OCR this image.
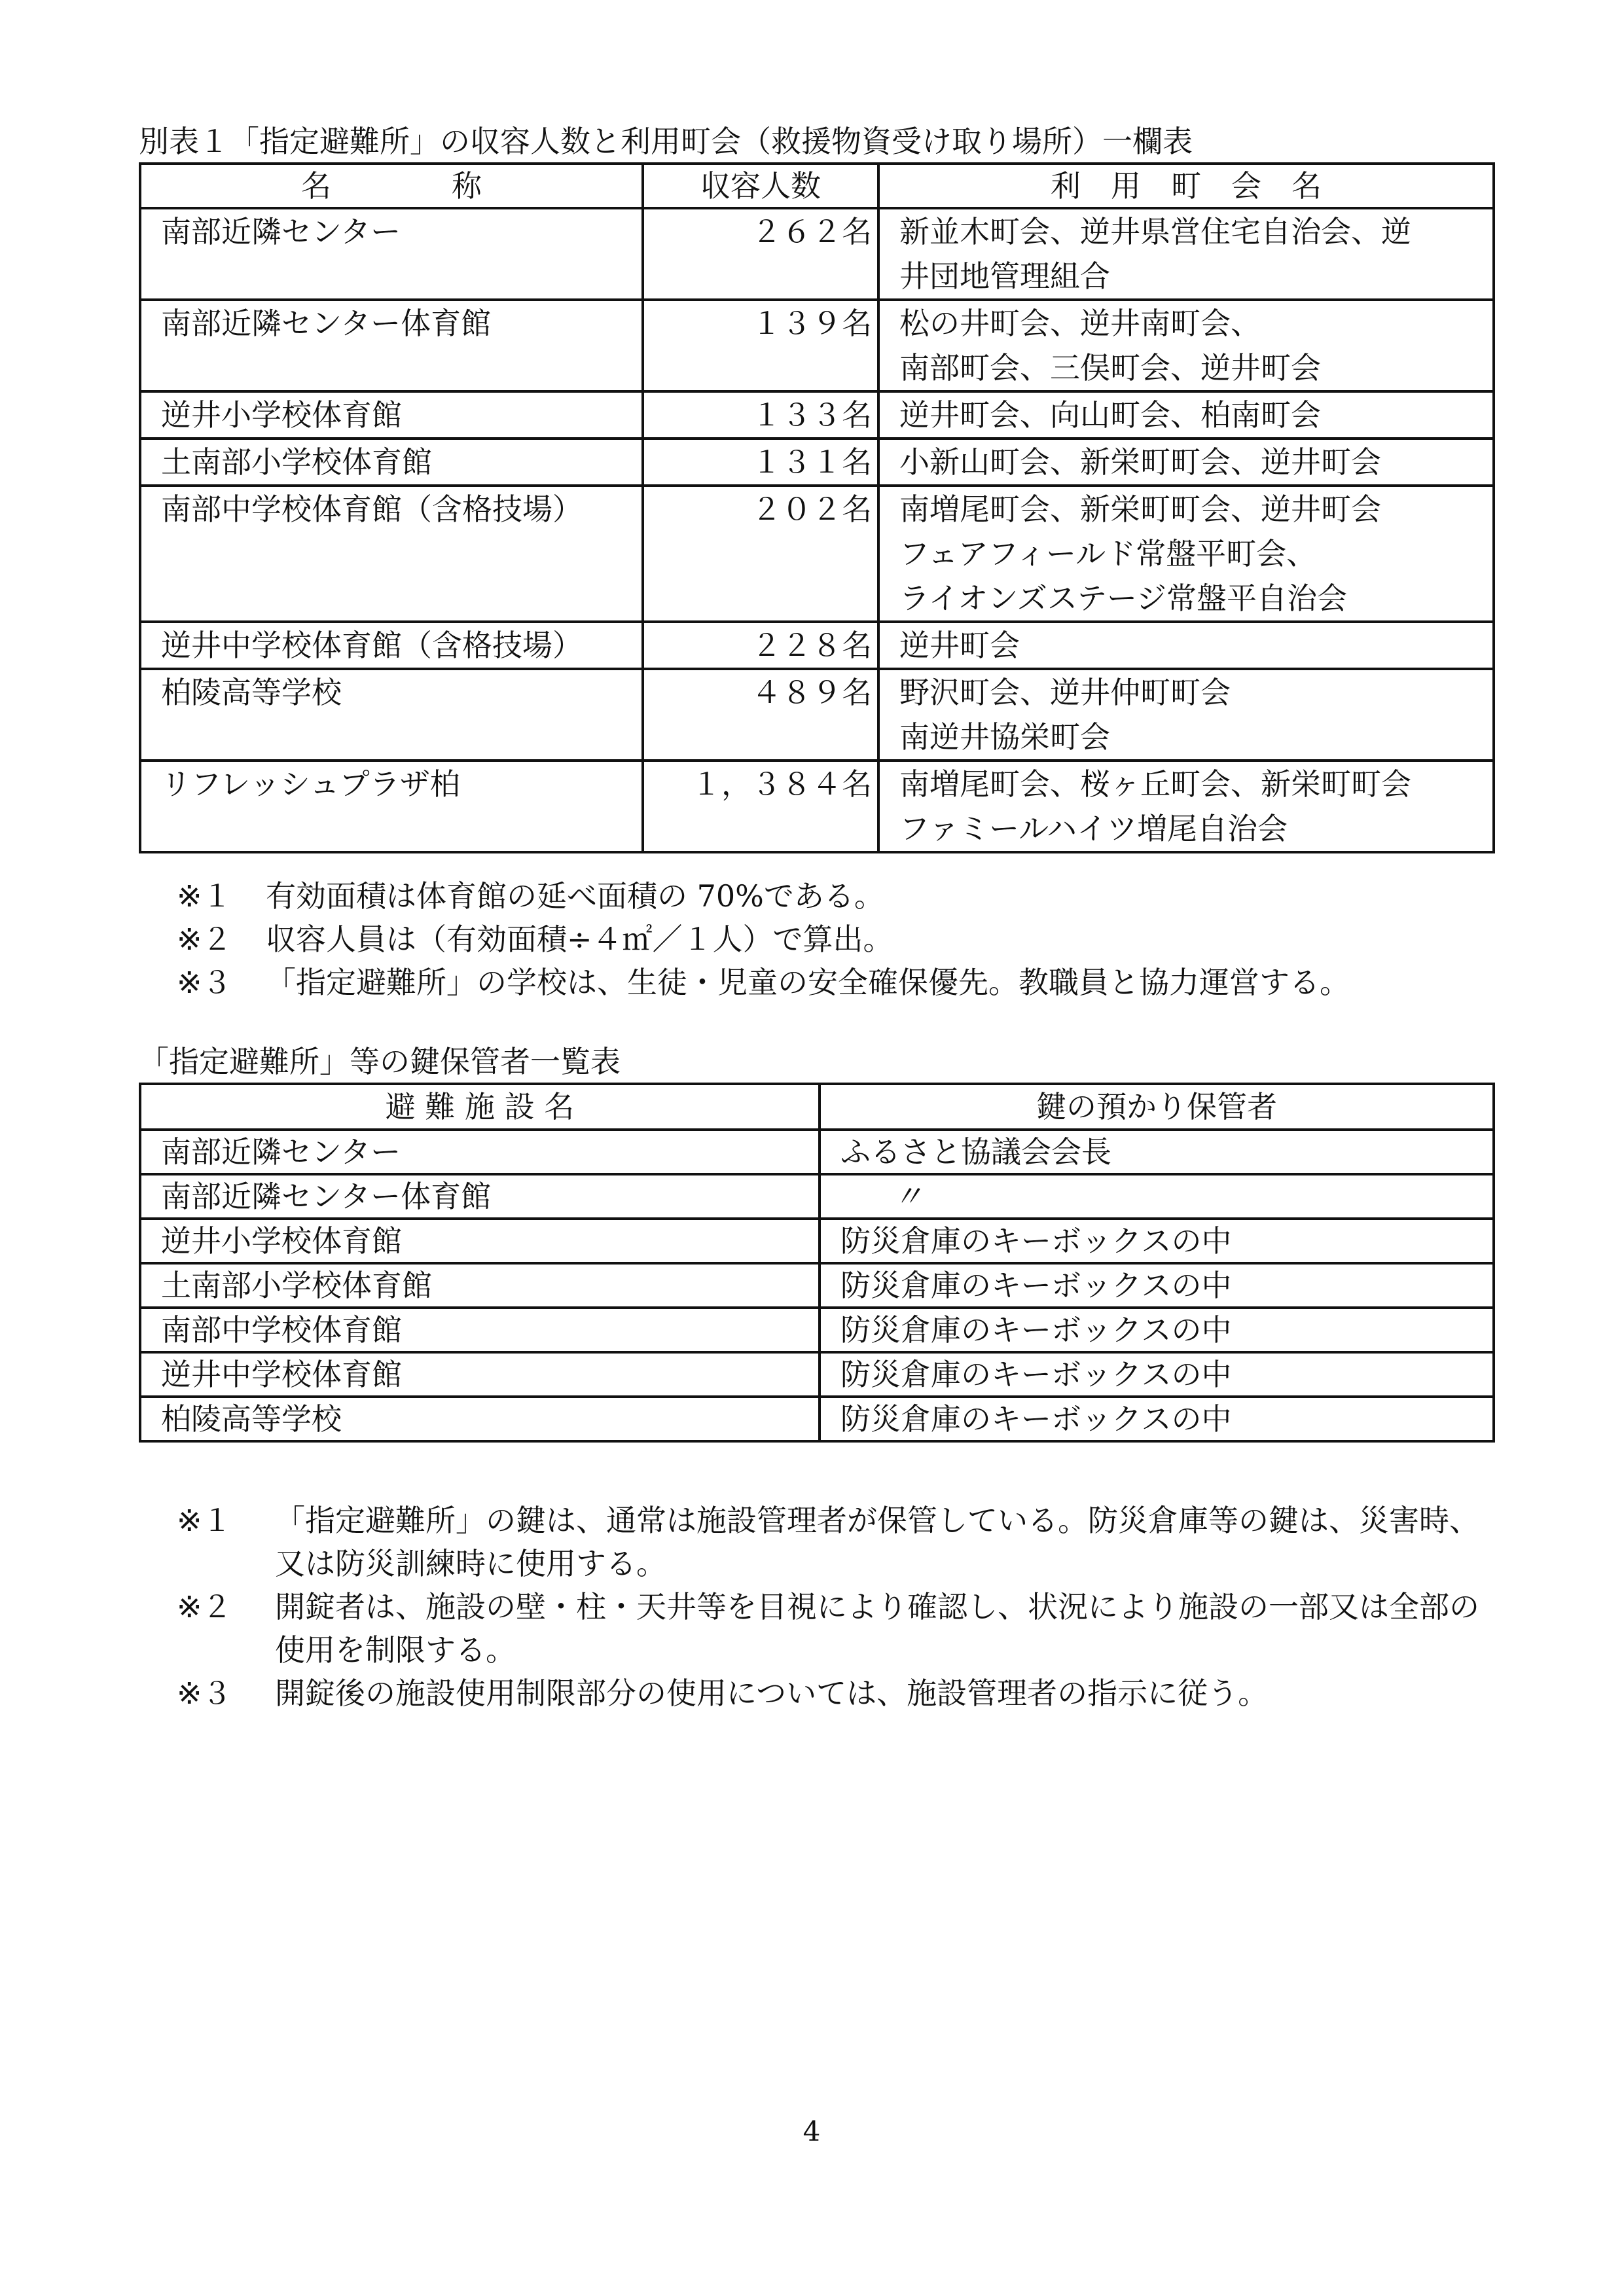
別表１「指定避難所」の収容人数と利用町会（救援物資受け取り場所）一欄表
名　　　　称	収容人数	利　用　町　会　名
南部近隣センター	２６２名	新並木町会、逆井県営住宅自治会、逆
井団地管理組合

南部近隣センター体育館	１３９名	松の井町会、逆井南町会、
南部町会、三俣町会、逆井町会

逆井小学校体育館	１３３名	逆井町会、向山町会、柏南町会

土南部小学校体育館	１３１名	小新山町会、新栄町町会、逆井町会

南部中学校体育館（含格技場）	２０２名	南増尾町会、新栄町町会、逆井町会
フェアフィールド常盤平町会、
ライオンズステージ常盤平自治会

逆井中学校体育館（含格技場）	２２８名	逆井町会

柏陵高等学校	４８９名	野沢町会、逆井仲町町会
南逆井協栄町会

リフレッシュプラザ柏	１，３８４名	南増尾町会、桜ヶ丘町会、新栄町町会
ファミールハイツ増尾自治会
※１	有効面積は体育館の延べ面積の 70%である。
※２	収容人員は（有効面積÷４㎡／１人）で算出。
※３	「指定避難所」の学校は、生徒・児童の安全確保優先。教職員と協力運営する。
「指定避難所」等の鍵保管者一覧表
避 難 施 設 名	鍵の預かり保管者
南部近隣センター	ふるさと協議会会長
南部近隣センター体育館	〃
逆井小学校体育館	防災倉庫のキーボックスの中
土南部小学校体育館	防災倉庫のキーボックスの中
南部中学校体育館	防災倉庫のキーボックスの中
逆井中学校体育館	防災倉庫のキーボックスの中
柏陵高等学校	防災倉庫のキーボックスの中
※１	「指定避難所」の鍵は、通常は施設管理者が保管している。防災倉庫等の鍵は、災害時、又は防災訓練時に使用する。
※２	開錠者は、施設の壁・柱・天井等を目視により確認し、状況により施設の一部又は全部の使用を制限する。
※３	開錠後の施設使用制限部分の使用については、施設管理者の指示に従う。
4
